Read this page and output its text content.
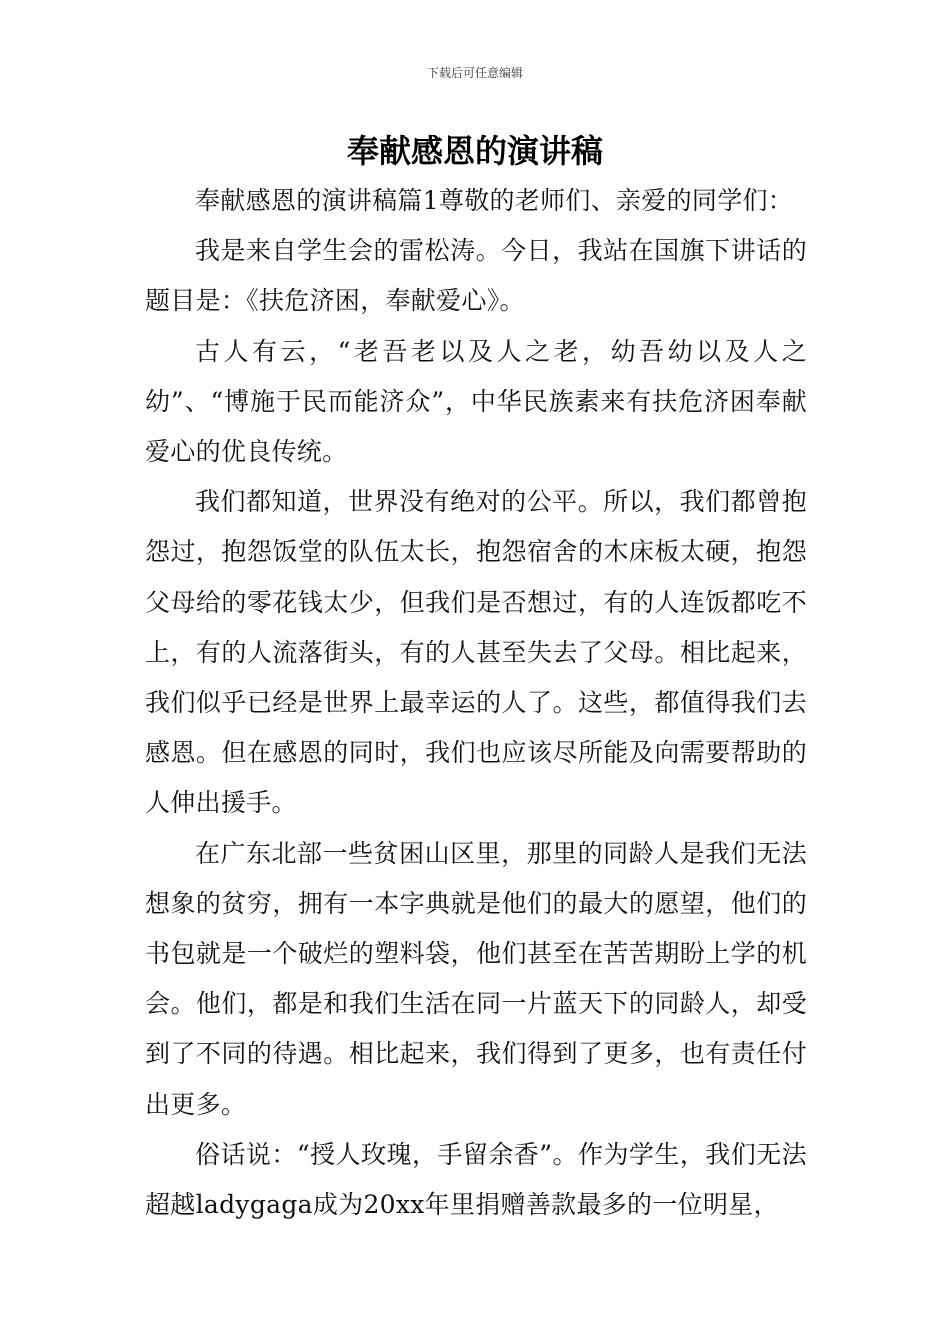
下载后可任意编辑
奉献感恩的演讲稿

奉献感恩的演讲稿篇1尊敬的老师们、亲爱的同学们：

我是来自学生会的雷松涛。今日，我站在国旗下讲话的题目是：《扶危济困，奉献爱心》。

古人有云，“老吾老以及人之老，幼吾幼以及人之幼”、“博施于民而能济众”，中华民族素来有扶危济困奉献爱心的优良传统。

我们都知道，世界没有绝对的公平。所以，我们都曾抱怨过，抱怨饭堂的队伍太长，抱怨宿舍的木床板太硬，抱怨父母给的零花钱太少，但我们是否想过，有的人连饭都吃不上，有的人流落街头，有的人甚至失去了父母。相比起来，我们似乎已经是世界上最幸运的人了。这些，都值得我们去感恩。但在感恩的同时，我们也应该尽所能及向需要帮助的人伸出援手。

在广东北部一些贫困山区里，那里的同龄人是我们无法想象的贫穷，拥有一本字典就是他们的最大的愿望，他们的书包就是一个破烂的塑料袋，他们甚至在苦苦期盼上学的机会。他们，都是和我们生活在同一片蓝天下的同龄人，却受到了不同的待遇。相比起来，我们得到了更多，也有责任付出更多。

俗话说：“授人玫瑰，手留余香”。作为学生，我们无法超越ladygaga成为20xx年里捐赠善款最多的一位明星，
